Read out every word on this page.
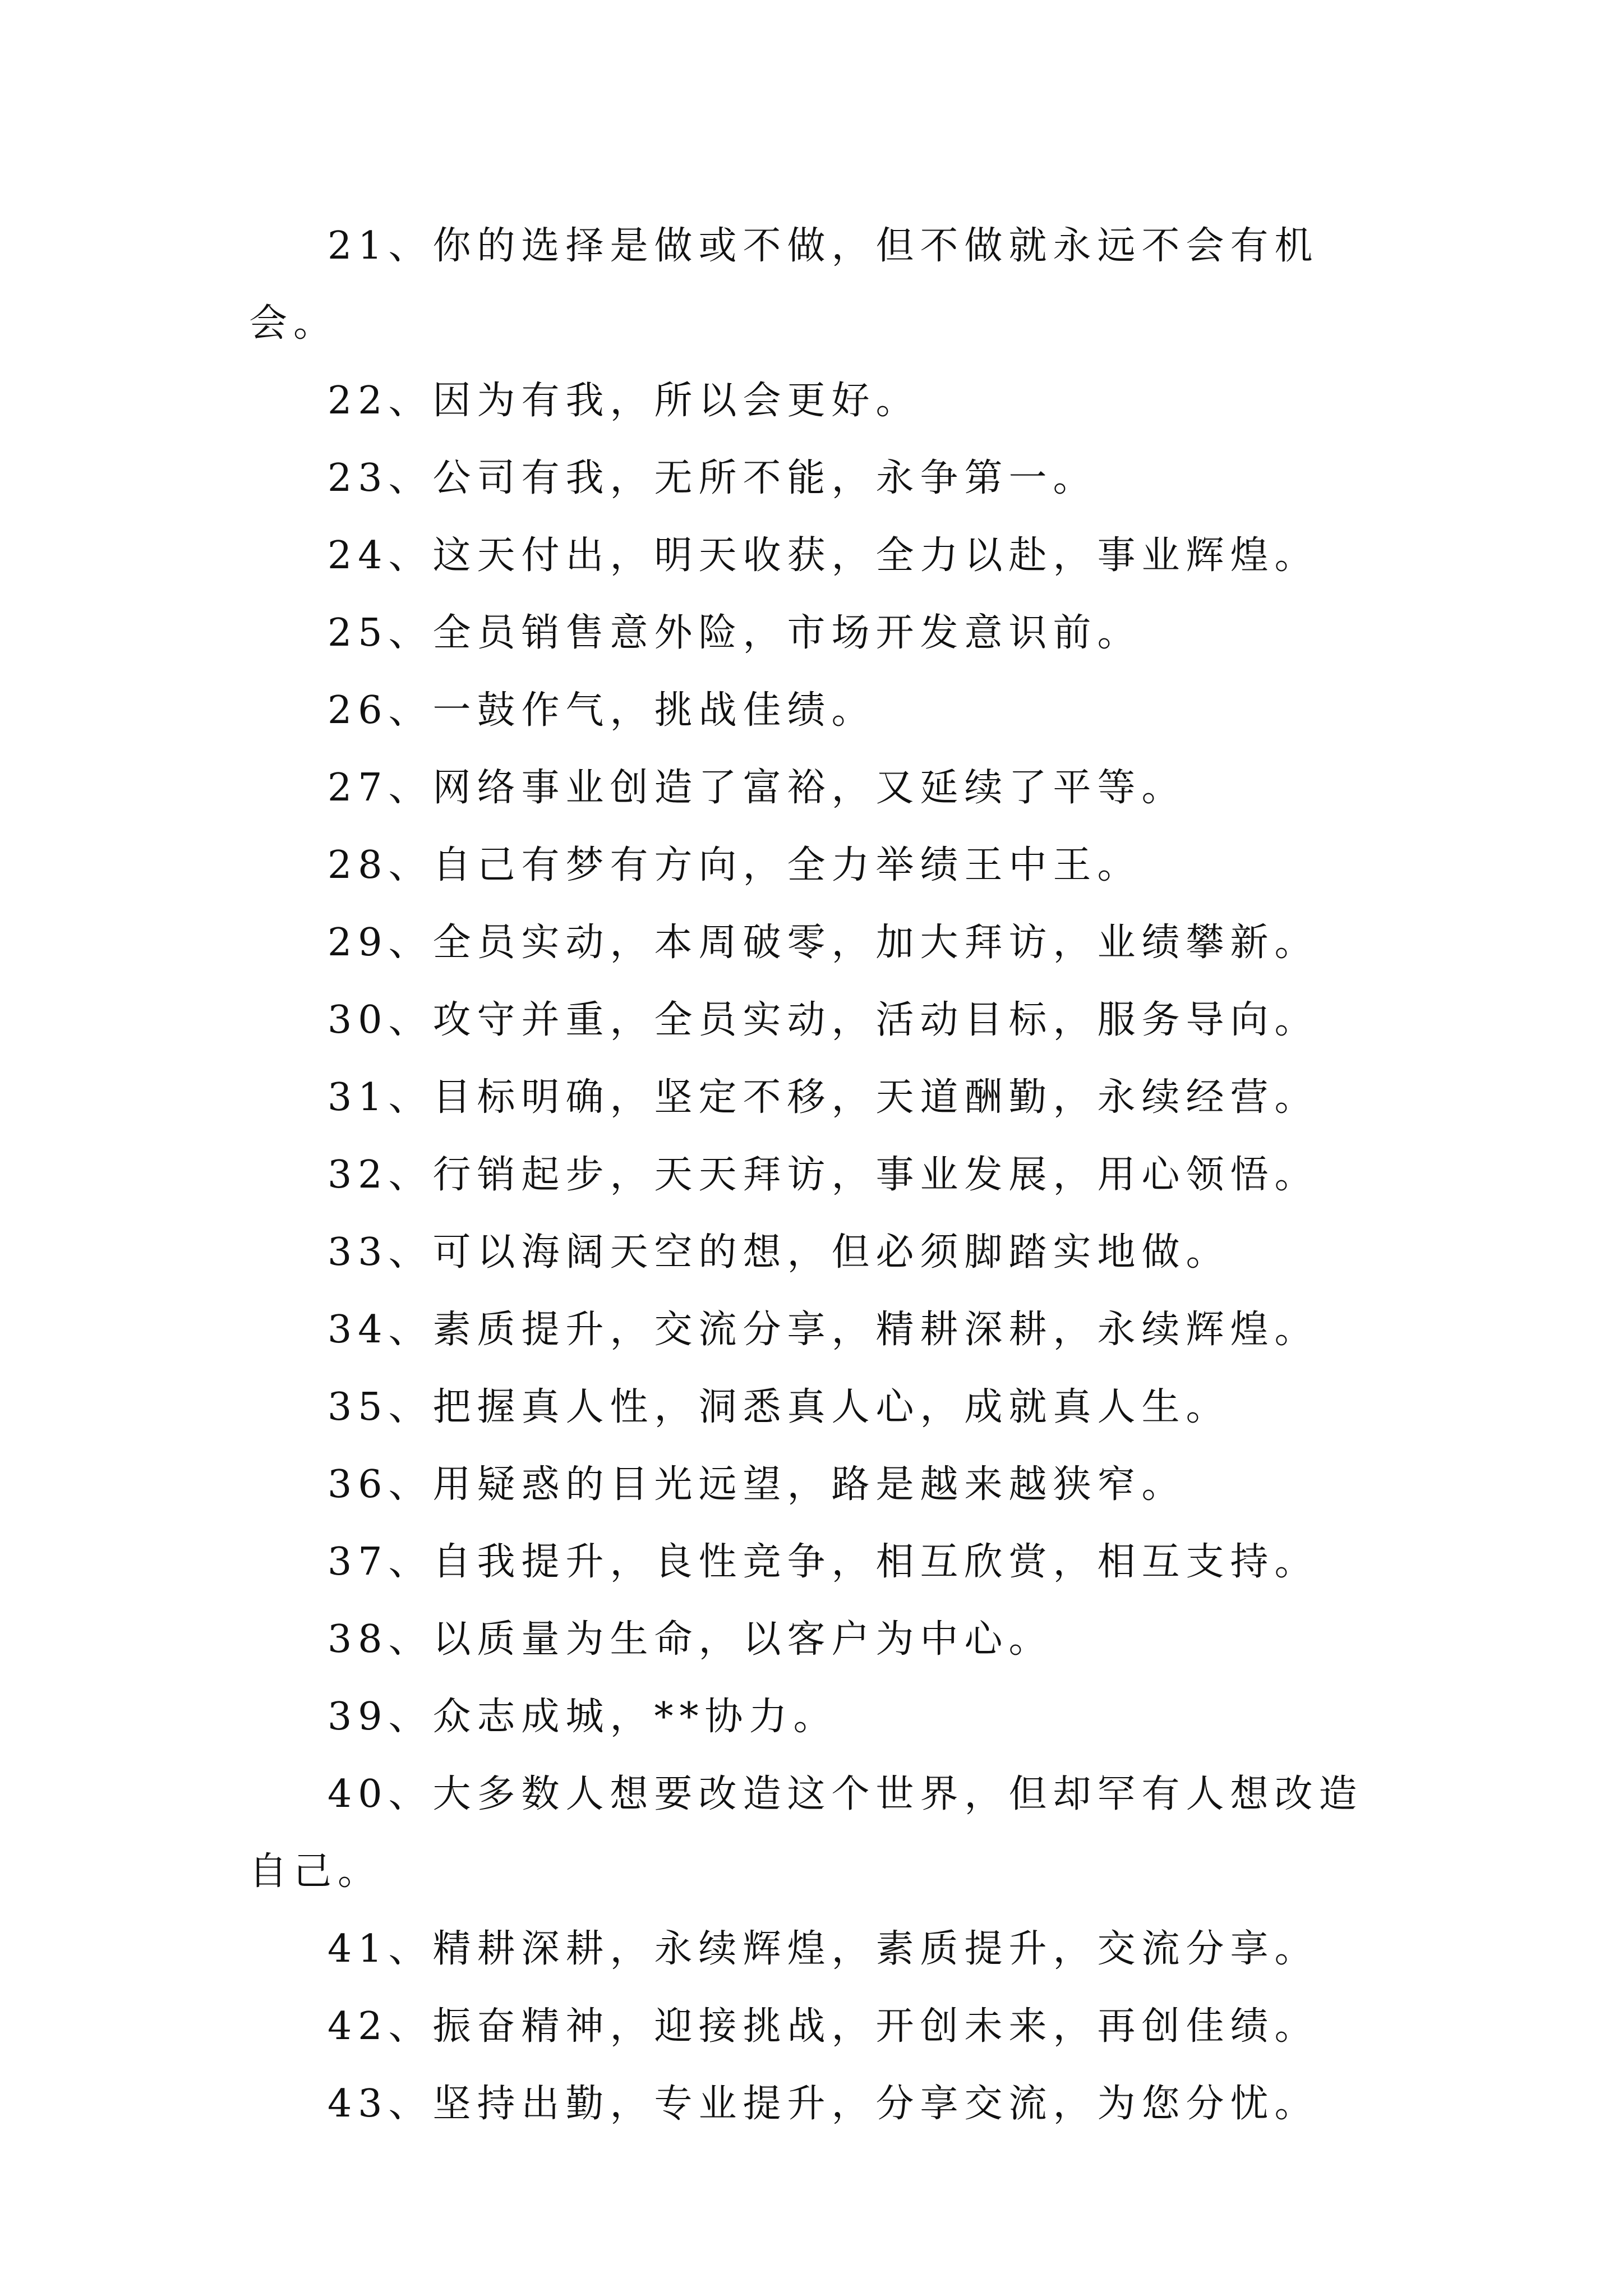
21、你的选择是做或不做，但不做就永远不会有机会。

22、因为有我，所以会更好。

23、公司有我，无所不能，永争第一。

24、这天付出，明天收获，全力以赴，事业辉煌。

25、全员销售意外险，市场开发意识前。

26、一鼓作气，挑战佳绩。

27、网络事业创造了富裕，又延续了平等。

28、自己有梦有方向，全力举绩王中王。

29、全员实动，本周破零，加大拜访，业绩攀新。

30、攻守并重，全员实动，活动目标，服务导向。

31、目标明确，坚定不移，天道酬勤，永续经营。

32、行销起步，天天拜访，事业发展，用心领悟。

33、可以海阔天空的想，但必须脚踏实地做。

34、素质提升，交流分享，精耕深耕，永续辉煌。

35、把握真人性，洞悉真人心，成就真人生。

36、用疑惑的目光远望，路是越来越狭窄。

37、自我提升，良性竞争，相互欣赏，相互支持。

38、以质量为生命，以客户为中心。

39、众志成城，**协力。

40、大多数人想要改造这个世界，但却罕有人想改造自己。

41、精耕深耕，永续辉煌，素质提升，交流分享。

42、振奋精神，迎接挑战，开创未来，再创佳绩。

43、坚持出勤，专业提升，分享交流，为您分忧。
